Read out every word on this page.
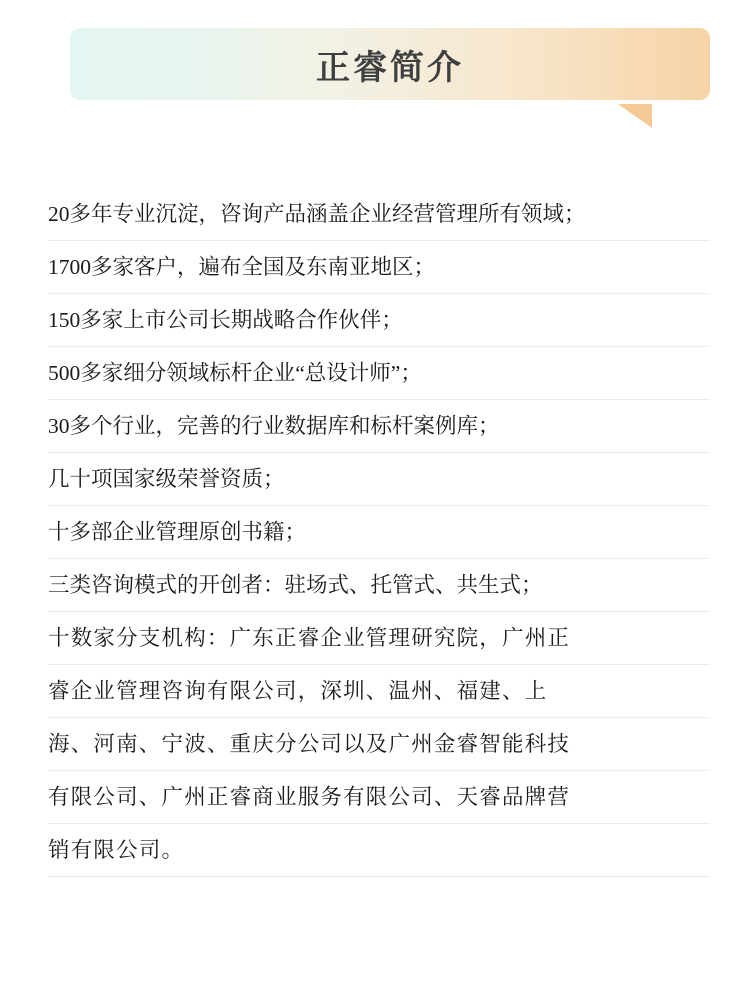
正睿简介
20多年专业沉淀，咨询产品涵盖企业经营管理所有领域；
1700多家客户，遍布全国及东南亚地区；
150多家上市公司长期战略合作伙伴；
500多家细分领域标杆企业“总设计师”；
30多个行业，完善的行业数据库和标杆案例库；
几十项国家级荣誉资质；
十多部企业管理原创书籍；
三类咨询模式的开创者：驻场式、托管式、共生式；
十数家分支机构：广东正睿企业管理研究院，广州正
睿企业管理咨询有限公司，深圳、温州、福建、上
海、河南、宁波、重庆分公司以及广州金睿智能科技
有限公司、广州正睿商业服务有限公司、天睿品牌营
销有限公司。
